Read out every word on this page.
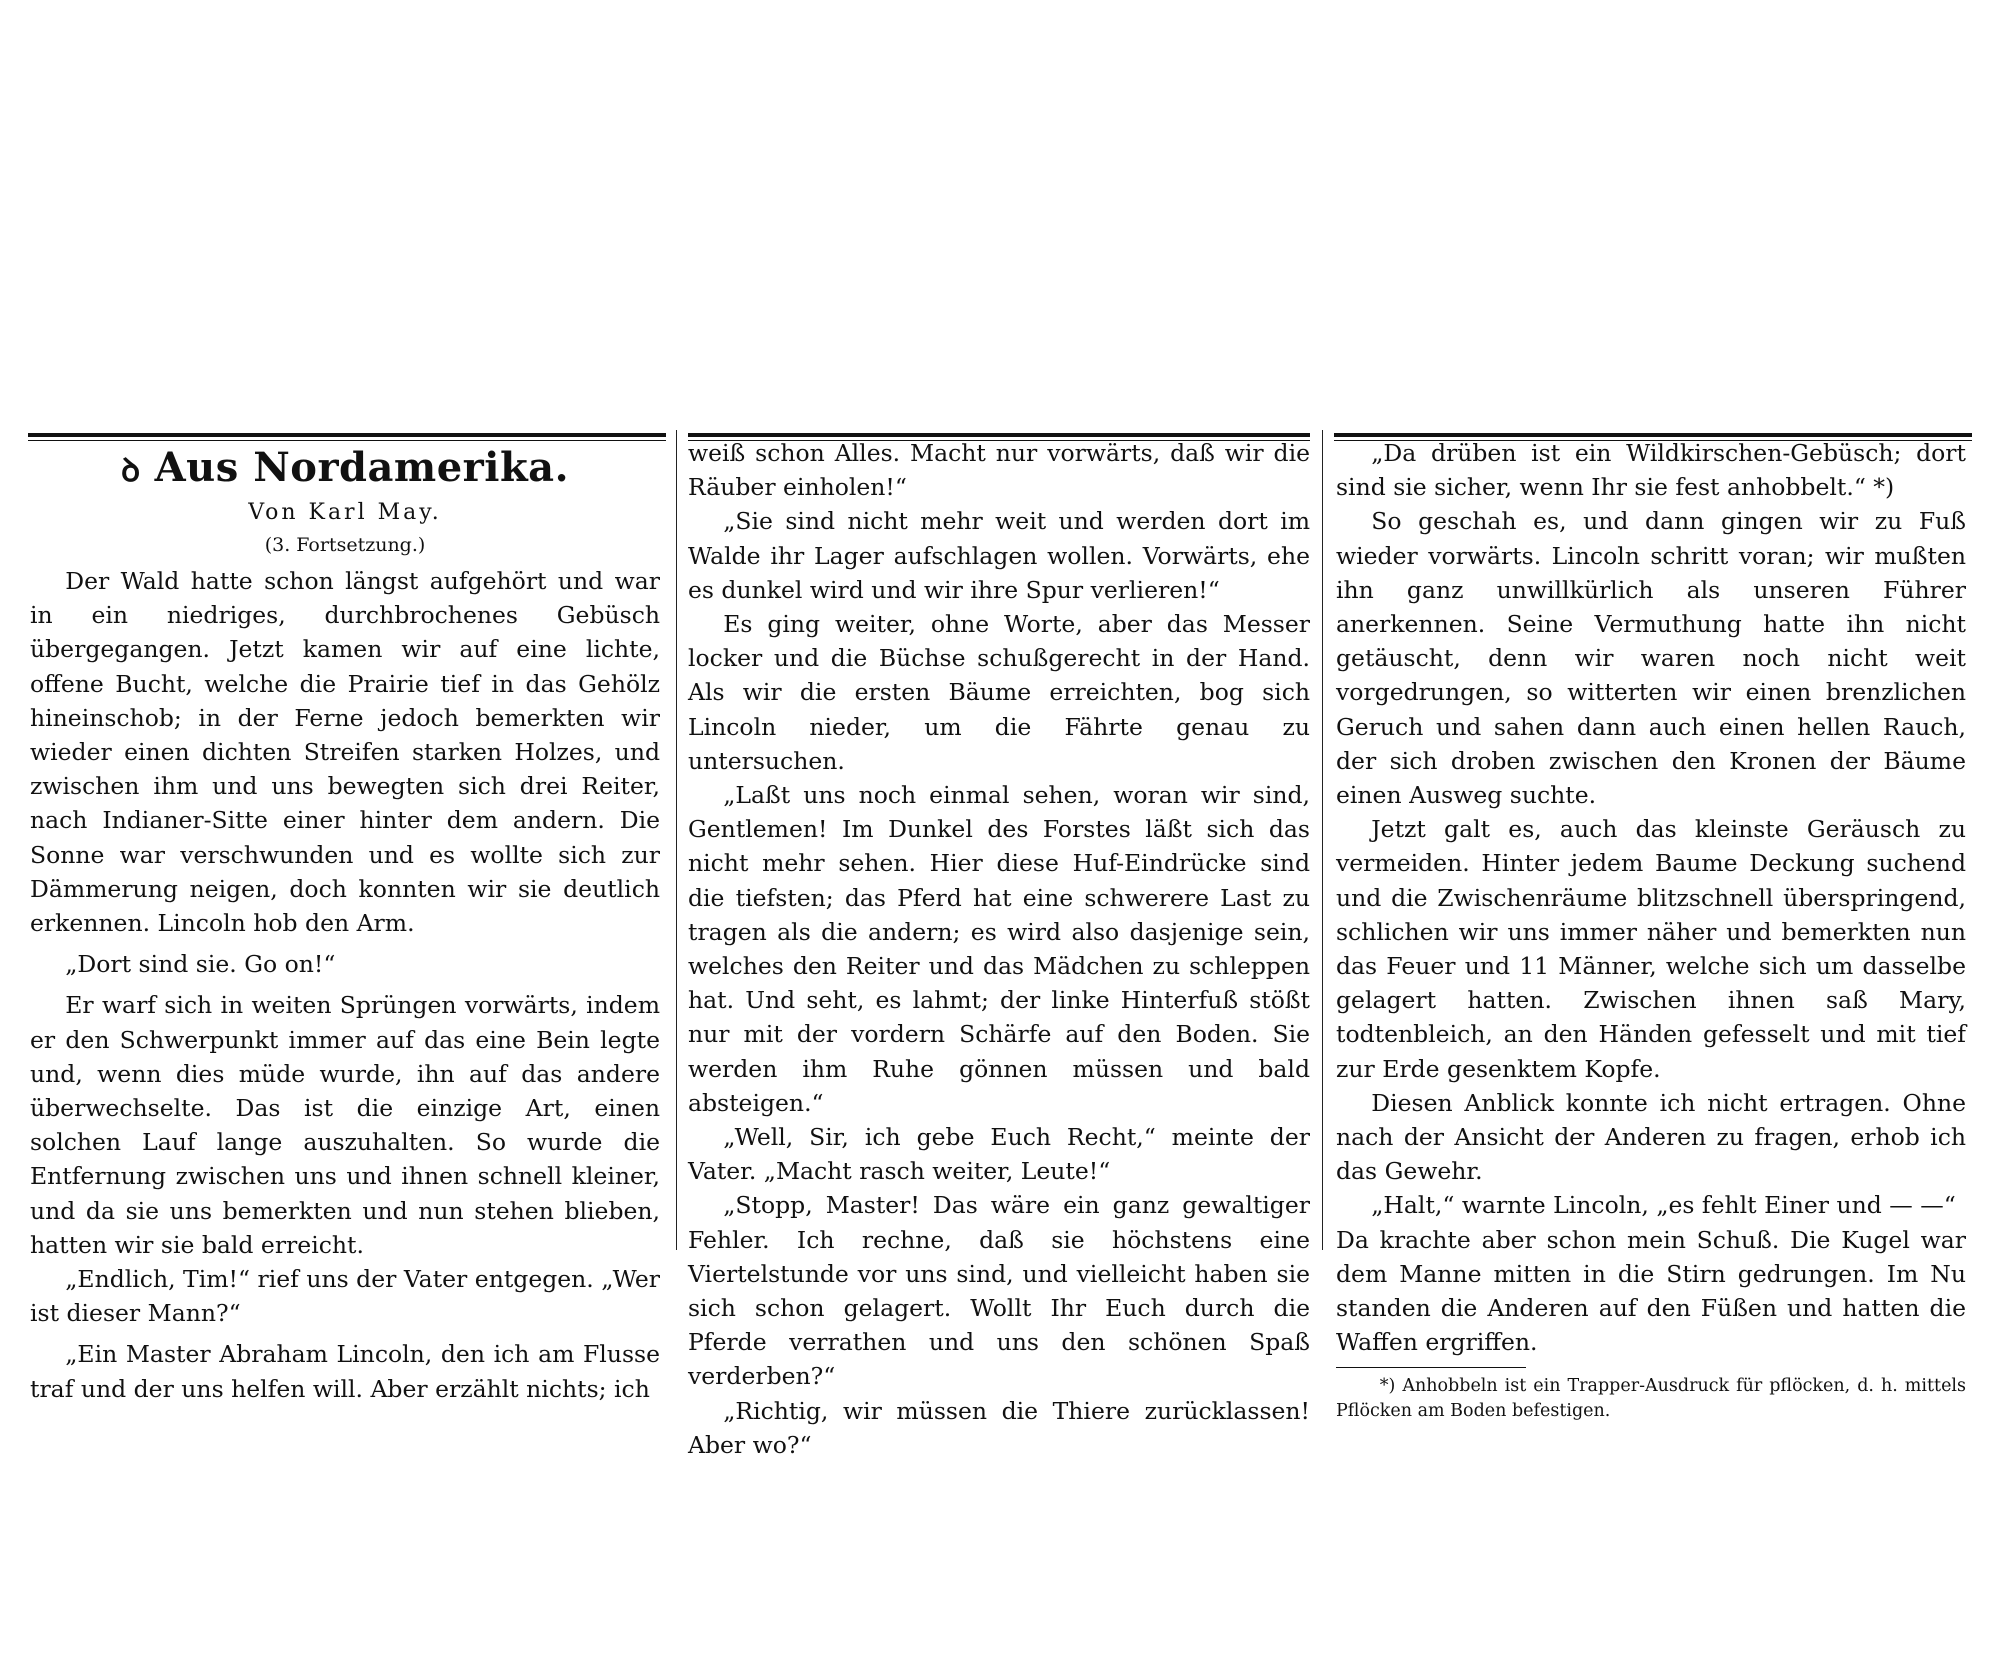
ꝺ Aus Nordamerika.
Von Karl May.
(3. Fortsetzung.)

Der Wald hatte schon längst aufgehört und war in ein niedriges, durchbrochenes Gebüsch übergegangen. Jetzt kamen wir auf eine lichte, offene Bucht, welche die Prairie tief in das Gehölz hineinschob; in der Ferne jedoch bemerkten wir wieder einen dichten Streifen starken Holzes, und zwischen ihm und uns bewegten sich drei Reiter, nach Indianer-Sitte einer hinter dem andern. Die Sonne war verschwunden und es wollte sich zur Dämmerung neigen, doch konnten wir sie deutlich erkennen. Lincoln hob den Arm.

„Dort sind sie. Go on!“

Er warf sich in weiten Sprüngen vorwärts, indem er den Schwerpunkt immer auf das eine Bein legte und, wenn dies müde wurde, ihn auf das andere überwechselte. Das ist die einzige Art, einen solchen Lauf lange auszuhalten. So wurde die Entfernung zwischen uns und ihnen schnell kleiner, und da sie uns bemerkten und nun stehen blieben, hatten wir sie bald erreicht.

„Endlich, Tim!“ rief uns der Vater entgegen. „Wer ist dieser Mann?“

„Ein Master Abraham Lincoln, den ich am Flusse traf und der uns helfen will. Aber erzählt nichts; ich

weiß schon Alles. Macht nur vorwärts, daß wir die Räuber einholen!“

„Sie sind nicht mehr weit und werden dort im Walde ihr Lager aufschlagen wollen. Vorwärts, ehe es dunkel wird und wir ihre Spur verlieren!“

Es ging weiter, ohne Worte, aber das Messer locker und die Büchse schußgerecht in der Hand. Als wir die ersten Bäume erreichten, bog sich Lincoln nieder, um die Fährte genau zu untersuchen.

„Laßt uns noch einmal sehen, woran wir sind, Gentlemen! Im Dunkel des Forstes läßt sich das nicht mehr sehen. Hier diese Huf-Eindrücke sind die tiefsten; das Pferd hat eine schwerere Last zu tragen als die andern; es wird also dasjenige sein, welches den Reiter und das Mädchen zu schleppen hat. Und seht, es lahmt; der linke Hinterfuß stößt nur mit der vordern Schärfe auf den Boden. Sie werden ihm Ruhe gönnen müssen und bald absteigen.“

„Well, Sir, ich gebe Euch Recht,“ meinte der Vater. „Macht rasch weiter, Leute!“

„Stopp, Master! Das wäre ein ganz gewaltiger Fehler. Ich rechne, daß sie höchstens eine Viertelstunde vor uns sind, und vielleicht haben sie sich schon gelagert. Wollt Ihr Euch durch die Pferde verrathen und uns den schönen Spaß verderben?“

„Richtig, wir müssen die Thiere zurücklassen! Aber wo?“

„Da drüben ist ein Wildkirschen-Gebüsch; dort sind sie sicher, wenn Ihr sie fest anhobbelt.“ *)

So geschah es, und dann gingen wir zu Fuß wieder vorwärts. Lincoln schritt voran; wir mußten ihn ganz unwillkürlich als unseren Führer anerkennen. Seine Vermuthung hatte ihn nicht getäuscht, denn wir waren noch nicht weit vorgedrungen, so witterten wir einen brenzlichen Geruch und sahen dann auch einen hellen Rauch, der sich droben zwischen den Kronen der Bäume einen Ausweg suchte.

Jetzt galt es, auch das kleinste Geräusch zu vermeiden. Hinter jedem Baume Deckung suchend und die Zwischenräume blitzschnell überspringend, schlichen wir uns immer näher und bemerkten nun das Feuer und 11 Männer, welche sich um dasselbe gelagert hatten. Zwischen ihnen saß Mary, todtenbleich, an den Händen gefesselt und mit tief zur Erde gesenktem Kopfe.

Diesen Anblick konnte ich nicht ertragen. Ohne nach der Ansicht der Anderen zu fragen, erhob ich das Gewehr.

„Halt,“ warnte Lincoln, „es fehlt Einer und — —“

Da krachte aber schon mein Schuß. Die Kugel war dem Manne mitten in die Stirn gedrungen. Im Nu standen die Anderen auf den Füßen und hatten die Waffen ergriffen.

*) Anhobbeln ist ein Trapper-Ausdruck für pflöcken, d. h. mittels Pflöcken am Boden befestigen.
